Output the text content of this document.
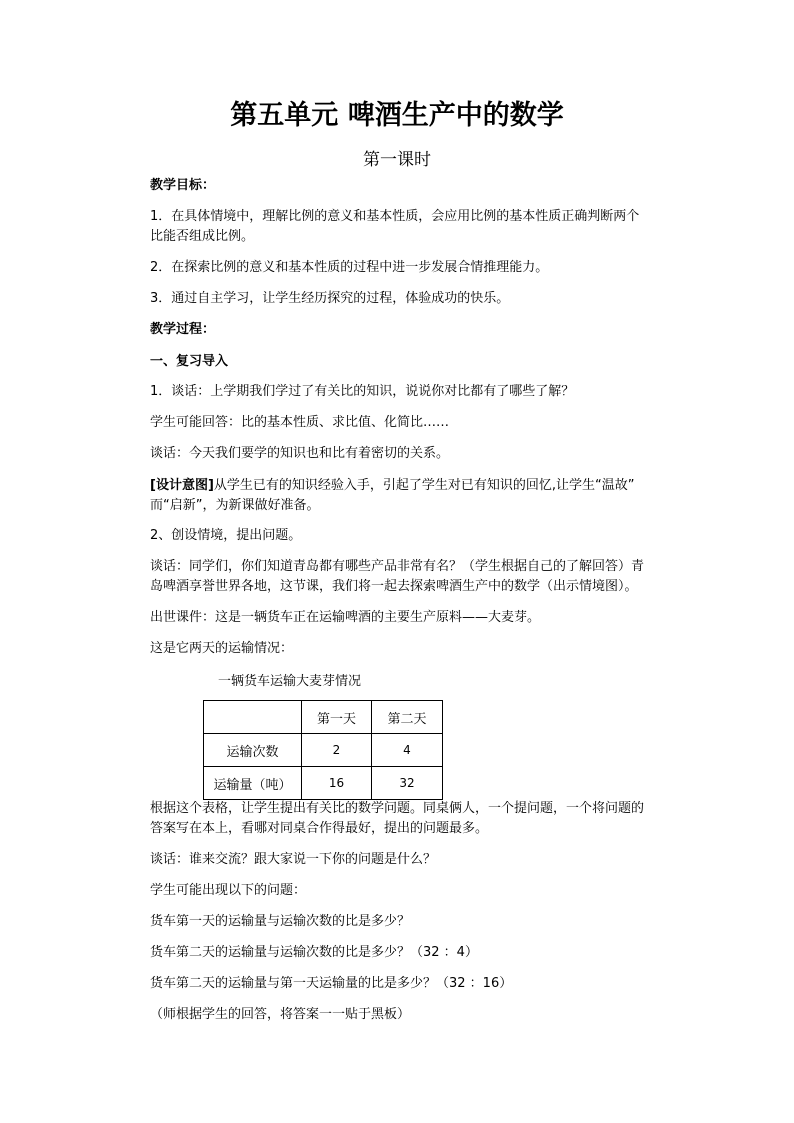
第五单元 啤酒生产中的数学
第一课时
教学目标：
1．在具体情境中，理解比例的意义和基本性质，会应用比例的基本性质正确判断两个
比能否组成比例。
2．在探索比例的意义和基本性质的过程中进一步发展合情推理能力。
3．通过自主学习，让学生经历探究的过程，体验成功的快乐。
教学过程：
一、复习导入
1．谈话：上学期我们学过了有关比的知识，说说你对比都有了哪些了解？
学生可能回答：比的基本性质、求比值、化简比……
谈话：今天我们要学的知识也和比有着密切的关系。
[设计意图]从学生已有的知识经验入手，引起了学生对已有知识的回忆,让学生“温故”
而“启新”，为新课做好准备。
2、创设情境，提出问题。
谈话：同学们，你们知道青岛都有哪些产品非常有名？（学生根据自己的了解回答）青
岛啤酒享誉世界各地，这节课，我们将一起去探索啤酒生产中的数学（出示情境图）。
出世课件：这是一辆货车正在运输啤酒的主要生产原料——大麦芽。
这是它两天的运输情况：
一辆货车运输大麦芽情况
	第一天	第二天
运输次数	2	4
运输量（吨）	16	32
根据这个表格，让学生提出有关比的数学问题。同桌俩人，一个提问题，一个将问题的
答案写在本上，看哪对同桌合作得最好，提出的问题最多。
谈话：谁来交流？跟大家说一下你的问题是什么？
学生可能出现以下的问题：
货车第一天的运输量与运输次数的比是多少？
货车第二天的运输量与运输次数的比是多少？（32 ：4）
货车第二天的运输量与第一天运输量的比是多少？（32 ：16）
（师根据学生的回答，将答案一一贴于黑板）
